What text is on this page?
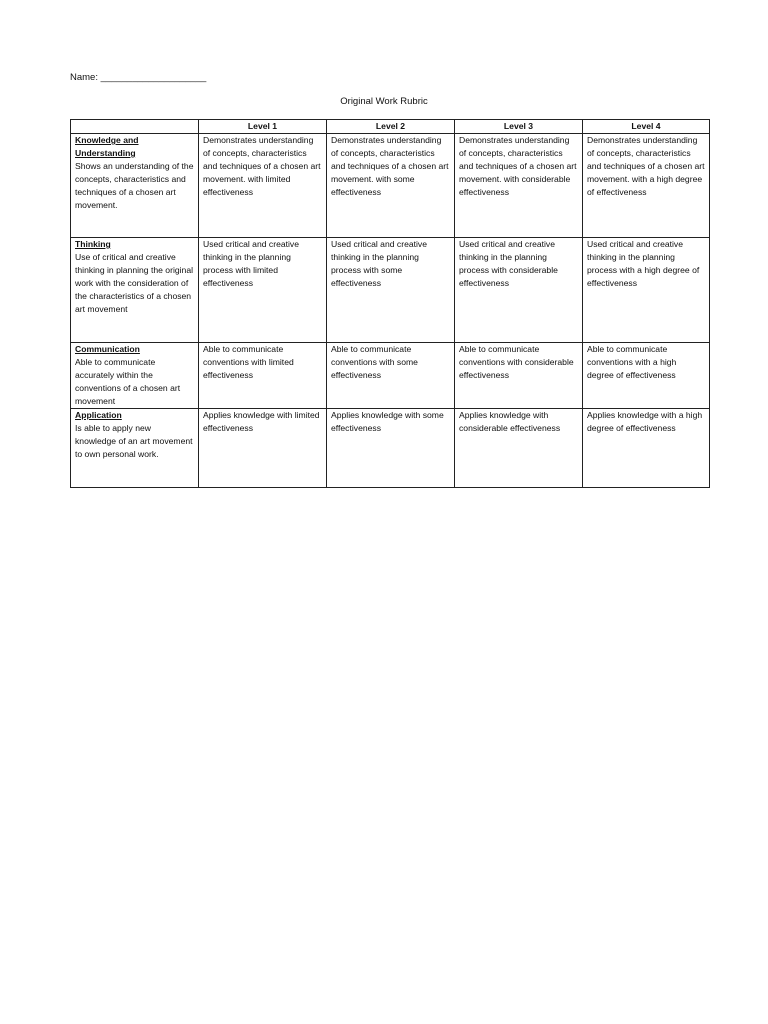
Name: ____________________
Original Work Rubric
	Level 1	Level 2	Level 3	Level 4

Knowledge and Understanding
Shows an understanding of the concepts, characteristics and techniques of a chosen art movement.	Demonstrates understanding of concepts, characteristics and techniques of a chosen art movement. with limited effectiveness	Demonstrates understanding of concepts, characteristics and techniques of a chosen art movement. with some effectiveness	Demonstrates understanding of concepts, characteristics and techniques of a chosen art movement. with considerable effectiveness	Demonstrates understanding of concepts, characteristics and techniques of a chosen art movement. with a high degree of effectiveness

Thinking
Use of critical and creative thinking in planning the original work with the consideration of the characteristics of a chosen art movement	Used critical and creative thinking in the planning process with limited effectiveness	Used critical and creative thinking in the planning process with some effectiveness	Used critical and creative thinking in the planning process with considerable effectiveness	Used critical and creative thinking in the planning process with a high degree of effectiveness

Communication
Able to communicate accurately within the conventions of a chosen art movement	Able to communicate conventions with limited effectiveness	Able to communicate conventions with some effectiveness	Able to communicate conventions with considerable effectiveness	Able to communicate conventions with a high degree of effectiveness

Application
Is able to apply new knowledge of an art movement to own personal work.	Applies knowledge with limited effectiveness	Applies knowledge with some effectiveness	Applies knowledge with considerable effectiveness	Applies knowledge with a high degree of effectiveness
